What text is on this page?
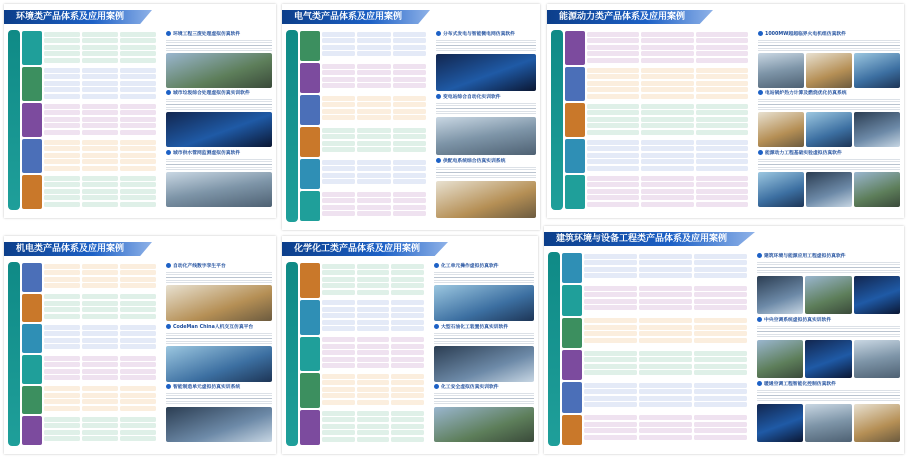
环境类产品体系及应用案例
环境工程三废处理虚拟仿真软件
城市垃圾综合处理虚拟仿真实训软件
城市供水管网监测虚拟仿真软件
电气类产品体系及应用案例
分布式发电与智能微电网仿真软件
变电站综合自动化实训软件
供配电系统综合仿真实训系统
能源动力类产品体系及应用案例
1000MW超超临界火电机组仿真软件
电站锅炉热力计算及燃烧优化仿真系统
能源动力工程基础实验虚拟仿真软件
机电类产品体系及应用案例
自动化产线数字孪生平台
CodeMan China人机交互仿真平台
智能制造单元虚拟仿真实训系统
化学化工类产品体系及应用案例
化工单元操作虚拟仿真软件
大型石油化工装置仿真实训软件
化工安全虚拟仿真实训软件
建筑环境与设备工程类产品体系及应用案例
建筑环境与能源应用工程虚拟仿真软件
中央空调系统虚拟仿真实训软件
暖通空调工程智能化控制仿真软件
